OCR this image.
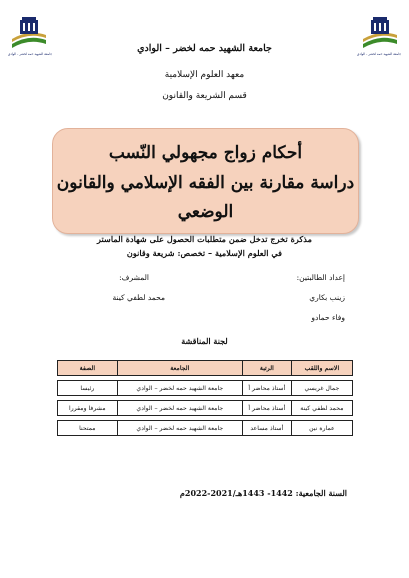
جامعة الشهيد حمه لخضر - الوادي	جامعة الشهيد حمه لخضر - الوادي
جامعة الشهيد حمه لخضر – الوادي
معهد العلوم الإسلامية
قسم الشريعة والقانون
أحكام زواج مجهولي النّسب
دراسة مقارنة بين الفقه الإسلامي والقانون
الوضعي
مذكرة تخرج تدخل ضمن متطلبات الحصول على شهادة الماستر
في العلوم الإسلامية – تخصص: شريعة وقانون
إعداد الطالبتين:
المشرف:
زينب بكاري
وفاء حمادو
محمد لطفي كينة
لجنة المناقشة
الاسم واللقب	الرتبة	الجامعة	الصفة

جمال غريسي	أستاذ محاضر أ	جامعة الشهيد حمه لخضر – الوادي	رئيسا

محمد لطفي كينة	أستاذ محاضر أ	جامعة الشهيد حمه لخضر – الوادي	مشرفا ومقررا

عمارة نين	أستاذ مساعد	جامعة الشهيد حمه لخضر – الوادي	ممتحنا
السنة الجامعية: 1442- 1443هـ/2021-2022م
